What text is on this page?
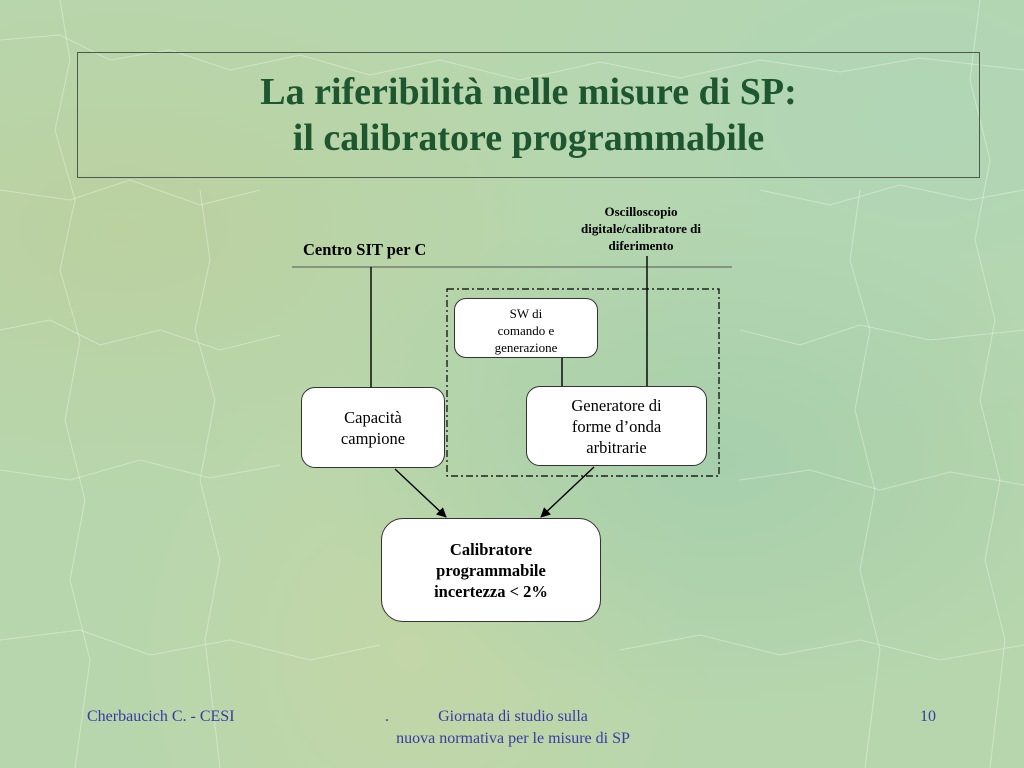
La riferibilità nelle misure di SP:
il calibratore programmabile
Oscilloscopio
digitale/calibratore di
diferimento
Centro SIT per C
SW di
comando e
generazione
Capacità
campione
Generatore di
forme d’onda
arbitrarie
Calibratore
programmabile
incertezza < 2%
Cherbaucich C. - CESI	.	Giornata di studio sulla
nuova normativa per le misure di SP
10
